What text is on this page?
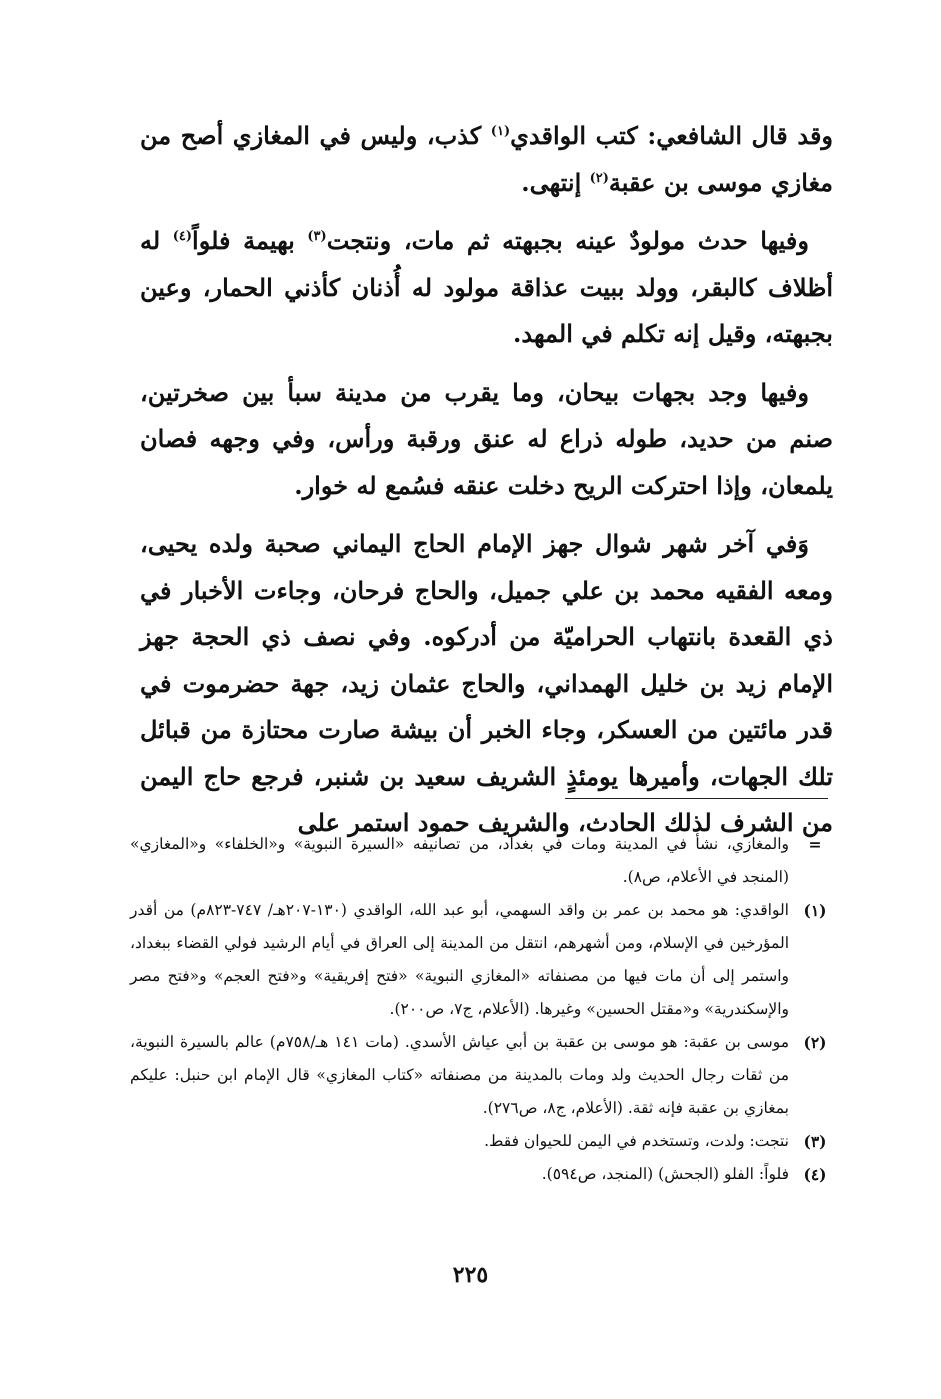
وقد قال الشافعي: كتب الواقدي$^{(١)}$ كذب، وليس في المغازي أصح من مغازي موسى بن عقبة$^{(٢)}$ إنتهى.

وفيها حدث مولودٌ عينه بجبهته ثم مات، ونتجت$^{(٣)}$ بهيمة فلواً$^{(٤)}$ له أظلاف كالبقر، وولد ببيت عذاقة مولود له أُذنان كأذني الحمار، وعين بجبهته، وقيل إنه تكلم في المهد.

وفيها وجد بجهات بيحان، وما يقرب من مدينة سبأ بين صخرتين، صنم من حديد، طوله ذراع له عنق ورقبة ورأس، وفي وجهه فصان يلمعان، وإذا احتركت الريح دخلت عنقه فسُمع له خوار.

وَفي آخر شهر شوال جهز الإمام الحاج اليماني صحبة ولده يحيى، ومعه الفقيه محمد بن علي جميل، والحاج فرحان، وجاءت الأخبار في ذي القعدة بانتهاب الحراميّة من أدركوه. وفي نصف ذي الحجة جهز الإمام زيد بن خليل الهمداني، والحاج عثمان زيد، جهة حضرموت في قدر مائتين من العسكر، وجاء الخبر أن بيشة صارت محتازة من قبائل تلك الجهات، وأميرها يومئذٍ الشريف سعيد بن شنبر، فرجع حاج اليمن من الشرف لذلك الحادث، والشريف حمود استمر على

=
والمغازي، نشأ في المدينة ومات في بغداد، من تصانيفه «السيرة النبوية» و«الخلفاء» و«المغازي» (المنجد في الأعلام، ص٨).
(١)
الواقدي: هو محمد بن عمر بن واقد السهمي، أبو عبد الله، الواقدي (١٣٠-٢٠٧هـ/ ٧٤٧-٨٢٣م) من أقدر المؤرخين في الإسلام، ومن أشهرهم، انتقل من المدينة إلى العراق في أيام الرشيد فولي القضاء ببغداد، واستمر إلى أن مات فيها من مصنفاته «المغازي النبوية» «فتح إفريقية» و«فتح العجم» و«فتح مصر والإسكندرية» و«مقتل الحسين» وغيرها. (الأعلام، ج٧، ص٢٠٠).
(٢)
موسى بن عقبة: هو موسى بن عقبة بن أبي عياش الأسدي. (مات ١٤١ هـ/٧٥٨م) عالم بالسيرة النبوية، من ثقات رجال الحديث ولد ومات بالمدينة من مصنفاته «كتاب المغازي» قال الإمام ابن حنبل: عليكم بمغازي بن عقبة فإنه ثقة. (الأعلام، ج٨، ص٢٧٦).
(٣)
نتجت: ولدت، وتستخدم في اليمن للحيوان فقط.
(٤)
فلواً: الفلو (الجحش) (المنجد، ص٥٩٤).
٢٢٥
